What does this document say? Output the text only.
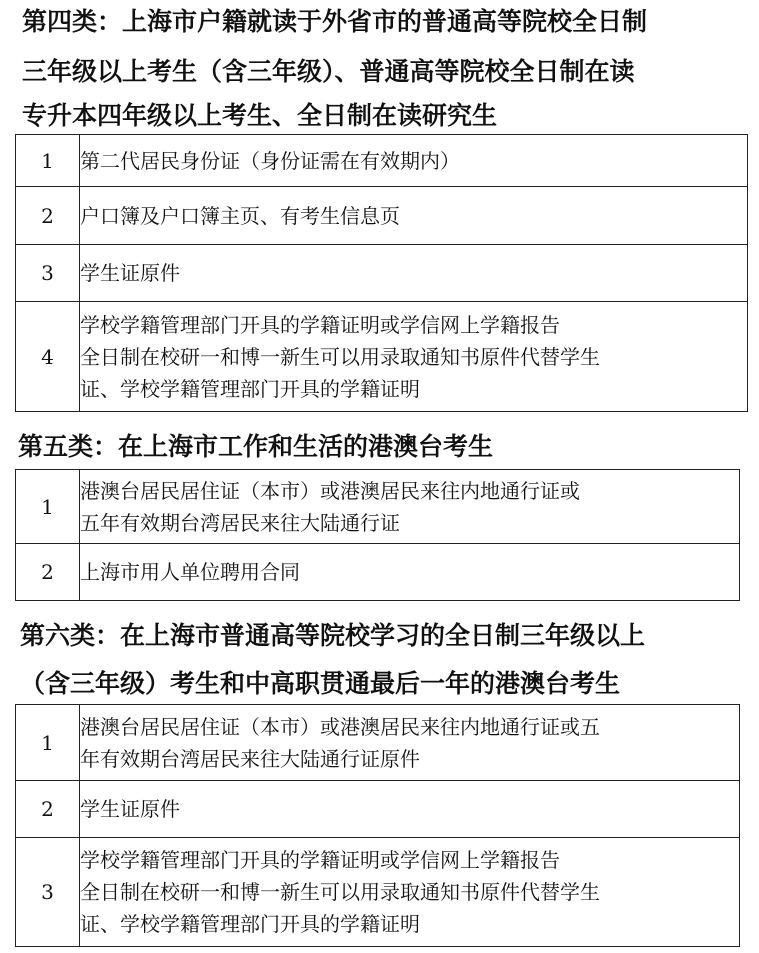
第四类：上海市户籍就读于外省市的普通高等院校全日制
三年级以上考生（含三年级）、普通高等院校全日制在读
专升本四年级以上考生、全日制在读研究生
1	第二代居民身份证（身份证需在有效期内）

2	户口簿及户口簿主页、有考生信息页

3	学生证原件

4	学校学籍管理部门开具的学籍证明或学信网上学籍报告
全日制在校研一和博一新生可以用录取通知书原件代替学生
证、学校学籍管理部门开具的学籍证明
第五类：在上海市工作和生活的港澳台考生
1	港澳台居民居住证（本市）或港澳居民来往内地通行证或
五年有效期台湾居民来往大陆通行证

2	上海市用人单位聘用合同
第六类：在上海市普通高等院校学习的全日制三年级以上
（含三年级）考生和中高职贯通最后一年的港澳台考生
1	港澳台居民居住证（本市）或港澳居民来往内地通行证或五
年有效期台湾居民来往大陆通行证原件

2	学生证原件

3	学校学籍管理部门开具的学籍证明或学信网上学籍报告
全日制在校研一和博一新生可以用录取通知书原件代替学生
证、学校学籍管理部门开具的学籍证明
